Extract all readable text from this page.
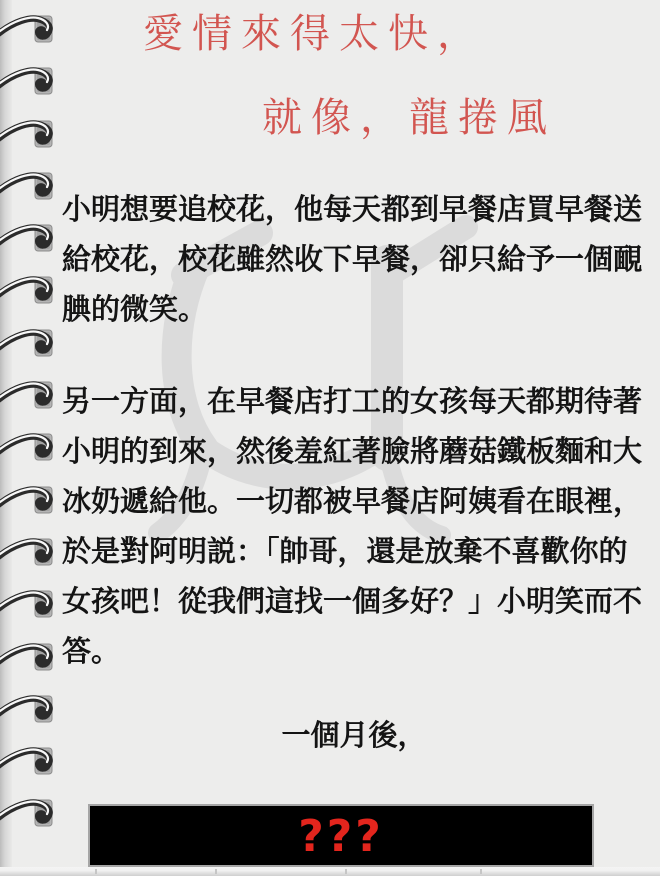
愛情來得太快，
就像，龍捲風
小明想要追校花，他每天都到早餐店買早餐送
給校花，校花雖然收下早餐，卻只給予一個靦
腆的微笑。
另一方面，在早餐店打工的女孩每天都期待著
小明的到來，然後羞紅著臉將蘑菇鐵板麵和大
冰奶遞給他。一切都被早餐店阿姨看在眼裡，
於是對阿明説：「帥哥，還是放棄不喜歡你的
女孩吧！從我們這找一個多好？」小明笑而不
答。
一個月後，
???
